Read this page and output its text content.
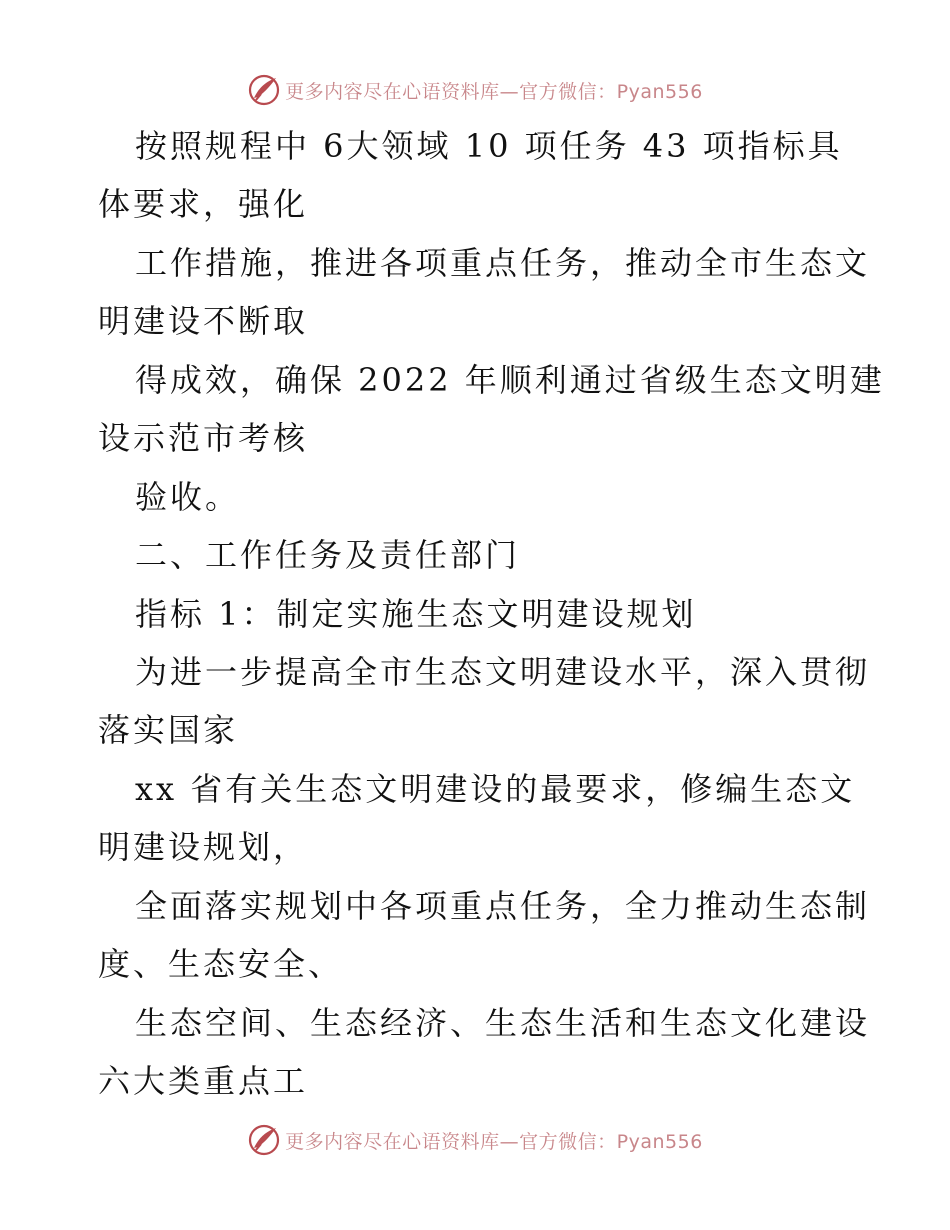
更多内容尽在心语资料库—官方微信：Pyan556
按照规程中 6大领域 10 项任务 43 项指标具
体要求，强化
工作措施，推进各项重点任务，推动全市生态文
明建设不断取
得成效，确保 2022 年顺利通过省级生态文明建
设示范市考核
验收。
二、工作任务及责任部门
指标 1：制定实施生态文明建设规划
为进一步提高全市生态文明建设水平，深入贯彻
落实国家
xx 省有关生态文明建设的最要求，修编生态文
明建设规划，
全面落实规划中各项重点任务，全力推动生态制
度、生态安全、
生态空间、生态经济、生态生活和生态文化建设
六大类重点工
更多内容尽在心语资料库—官方微信：Pyan556
